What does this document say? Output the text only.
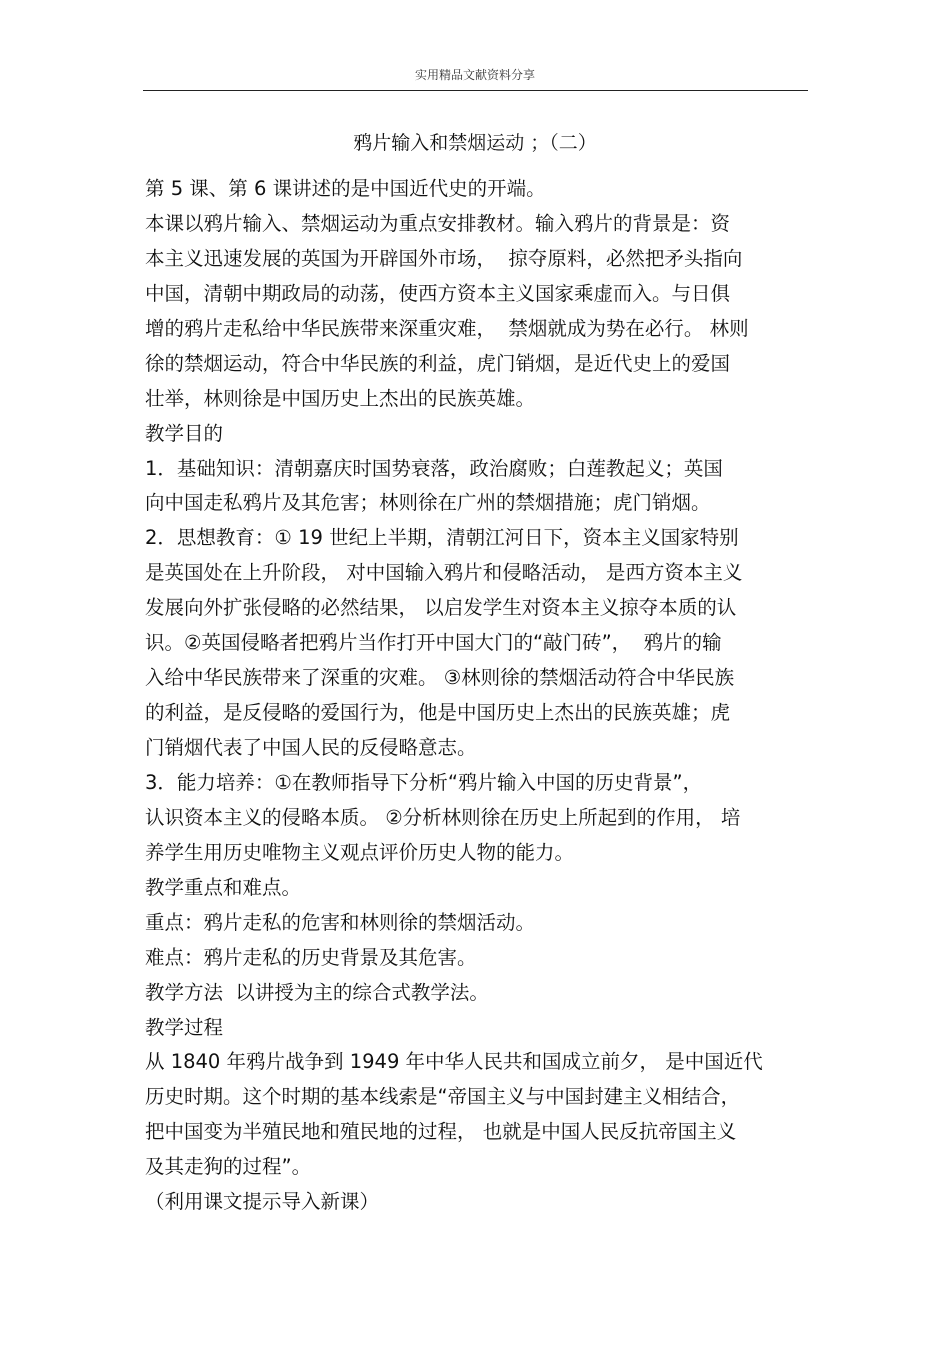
实用精品文献资料分享
鸦片输入和禁烟运动 ；（二）
第 5 课、第 6 课讲述的是中国近代史的开端。
本课以鸦片输入、禁烟运动为重点安排教材。输入鸦片的背景是：资
本主义迅速发展的英国为开辟国外市场，  掠夺原料，必然把矛头指向
中国，清朝中期政局的动荡，使西方资本主义国家乘虚而入。与日俱
增的鸦片走私给中华民族带来深重灾难，  禁烟就成为势在必行。 林则
徐的禁烟运动，符合中华民族的利益，虎门销烟，是近代史上的爱国
壮举，林则徐是中国历史上杰出的民族英雄。
教学目的
1．基础知识：清朝嘉庆时国势衰落，政治腐败；白莲教起义；英国
向中国走私鸦片及其危害；林则徐在广州的禁烟措施；虎门销烟。
2．思想教育：① 19 世纪上半期，清朝江河日下，资本主义国家特别
是英国处在上升阶段， 对中国输入鸦片和侵略活动， 是西方资本主义
发展向外扩张侵略的必然结果， 以启发学生对资本主义掠夺本质的认
识。②英国侵略者把鸦片当作打开中国大门的“敲门砖”，  鸦片的输
入给中华民族带来了深重的灾难。 ③林则徐的禁烟活动符合中华民族
的利益，是反侵略的爱国行为，他是中国历史上杰出的民族英雄；虎
门销烟代表了中国人民的反侵略意志。
3．能力培养：①在教师指导下分析“鸦片输入中国的历史背景”，
认识资本主义的侵略本质。 ②分析林则徐在历史上所起到的作用， 培
养学生用历史唯物主义观点评价历史人物的能力。
教学重点和难点。
重点：鸦片走私的危害和林则徐的禁烟活动。
难点：鸦片走私的历史背景及其危害。
教学方法  以讲授为主的综合式教学法。
教学过程
从 1840 年鸦片战争到 1949 年中华人民共和国成立前夕， 是中国近代
历史时期。这个时期的基本线索是“帝国主义与中国封建主义相结合，
把中国变为半殖民地和殖民地的过程， 也就是中国人民反抗帝国主义
及其走狗的过程”。
（利用课文提示导入新课）
